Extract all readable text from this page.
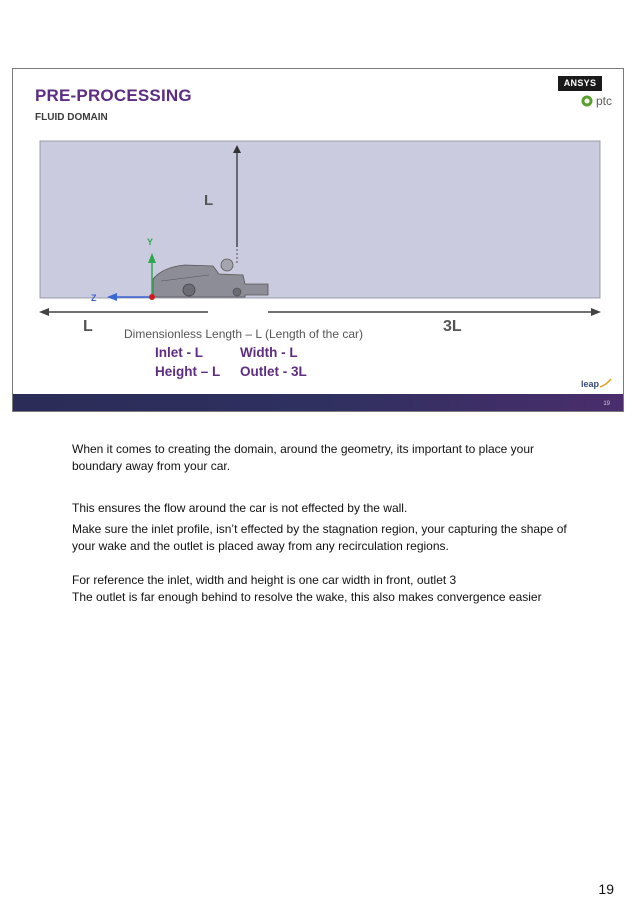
PRE-PROCESSING
FLUID DOMAIN
ANSYS
ptc
Y
Z
L
L	3L
Dimensionless Length – L (Length of the car)
Inlet - L	Width - L
Height – L Outlet - 3L
leap
19
When it comes to creating the domain, around the geometry, its important to place your boundary away from your car.
This ensures the flow around the car is not effected by the wall.
Make sure the inlet profile, isn’t effected by the stagnation region, your capturing the shape of your wake and the outlet is placed away from any recirculation regions.
For reference the inlet, width and height is one car width in front, outlet 3
The outlet is far enough behind to resolve the wake, this also makes convergence easier
19
